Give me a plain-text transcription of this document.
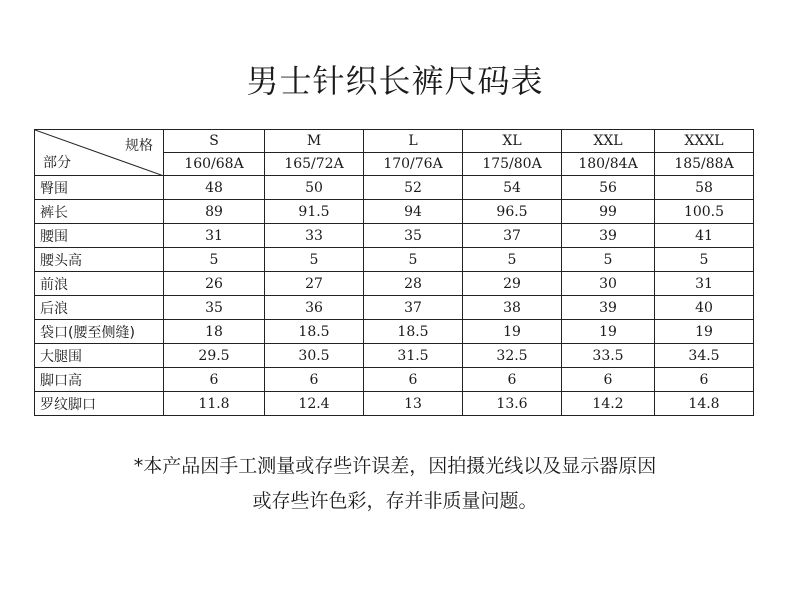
男士针织长裤尺码表
规格
部分	S	M	L	XL	XXL	XXXL
	160/68A	165/72A	170/76A	175/80A	180/84A	185/88A
臀围	48	50	52	54	56	58
裤长	89	91.5	94	96.5	99	100.5
腰围	31	33	35	37	39	41
腰头高	5	5	5	5	5	5
前浪	26	27	28	29	30	31
后浪	35	36	37	38	39	40
袋口(腰至侧缝)	18	18.5	18.5	19	19	19
大腿围	29.5	30.5	31.5	32.5	33.5	34.5
脚口高	6	6	6	6	6	6
罗纹脚口	11.8	12.4	13	13.6	14.2	14.8
*本产品因手工测量或存些许误差，因拍摄光线以及显示器原因
或存些许色彩，存并非质量问题。
